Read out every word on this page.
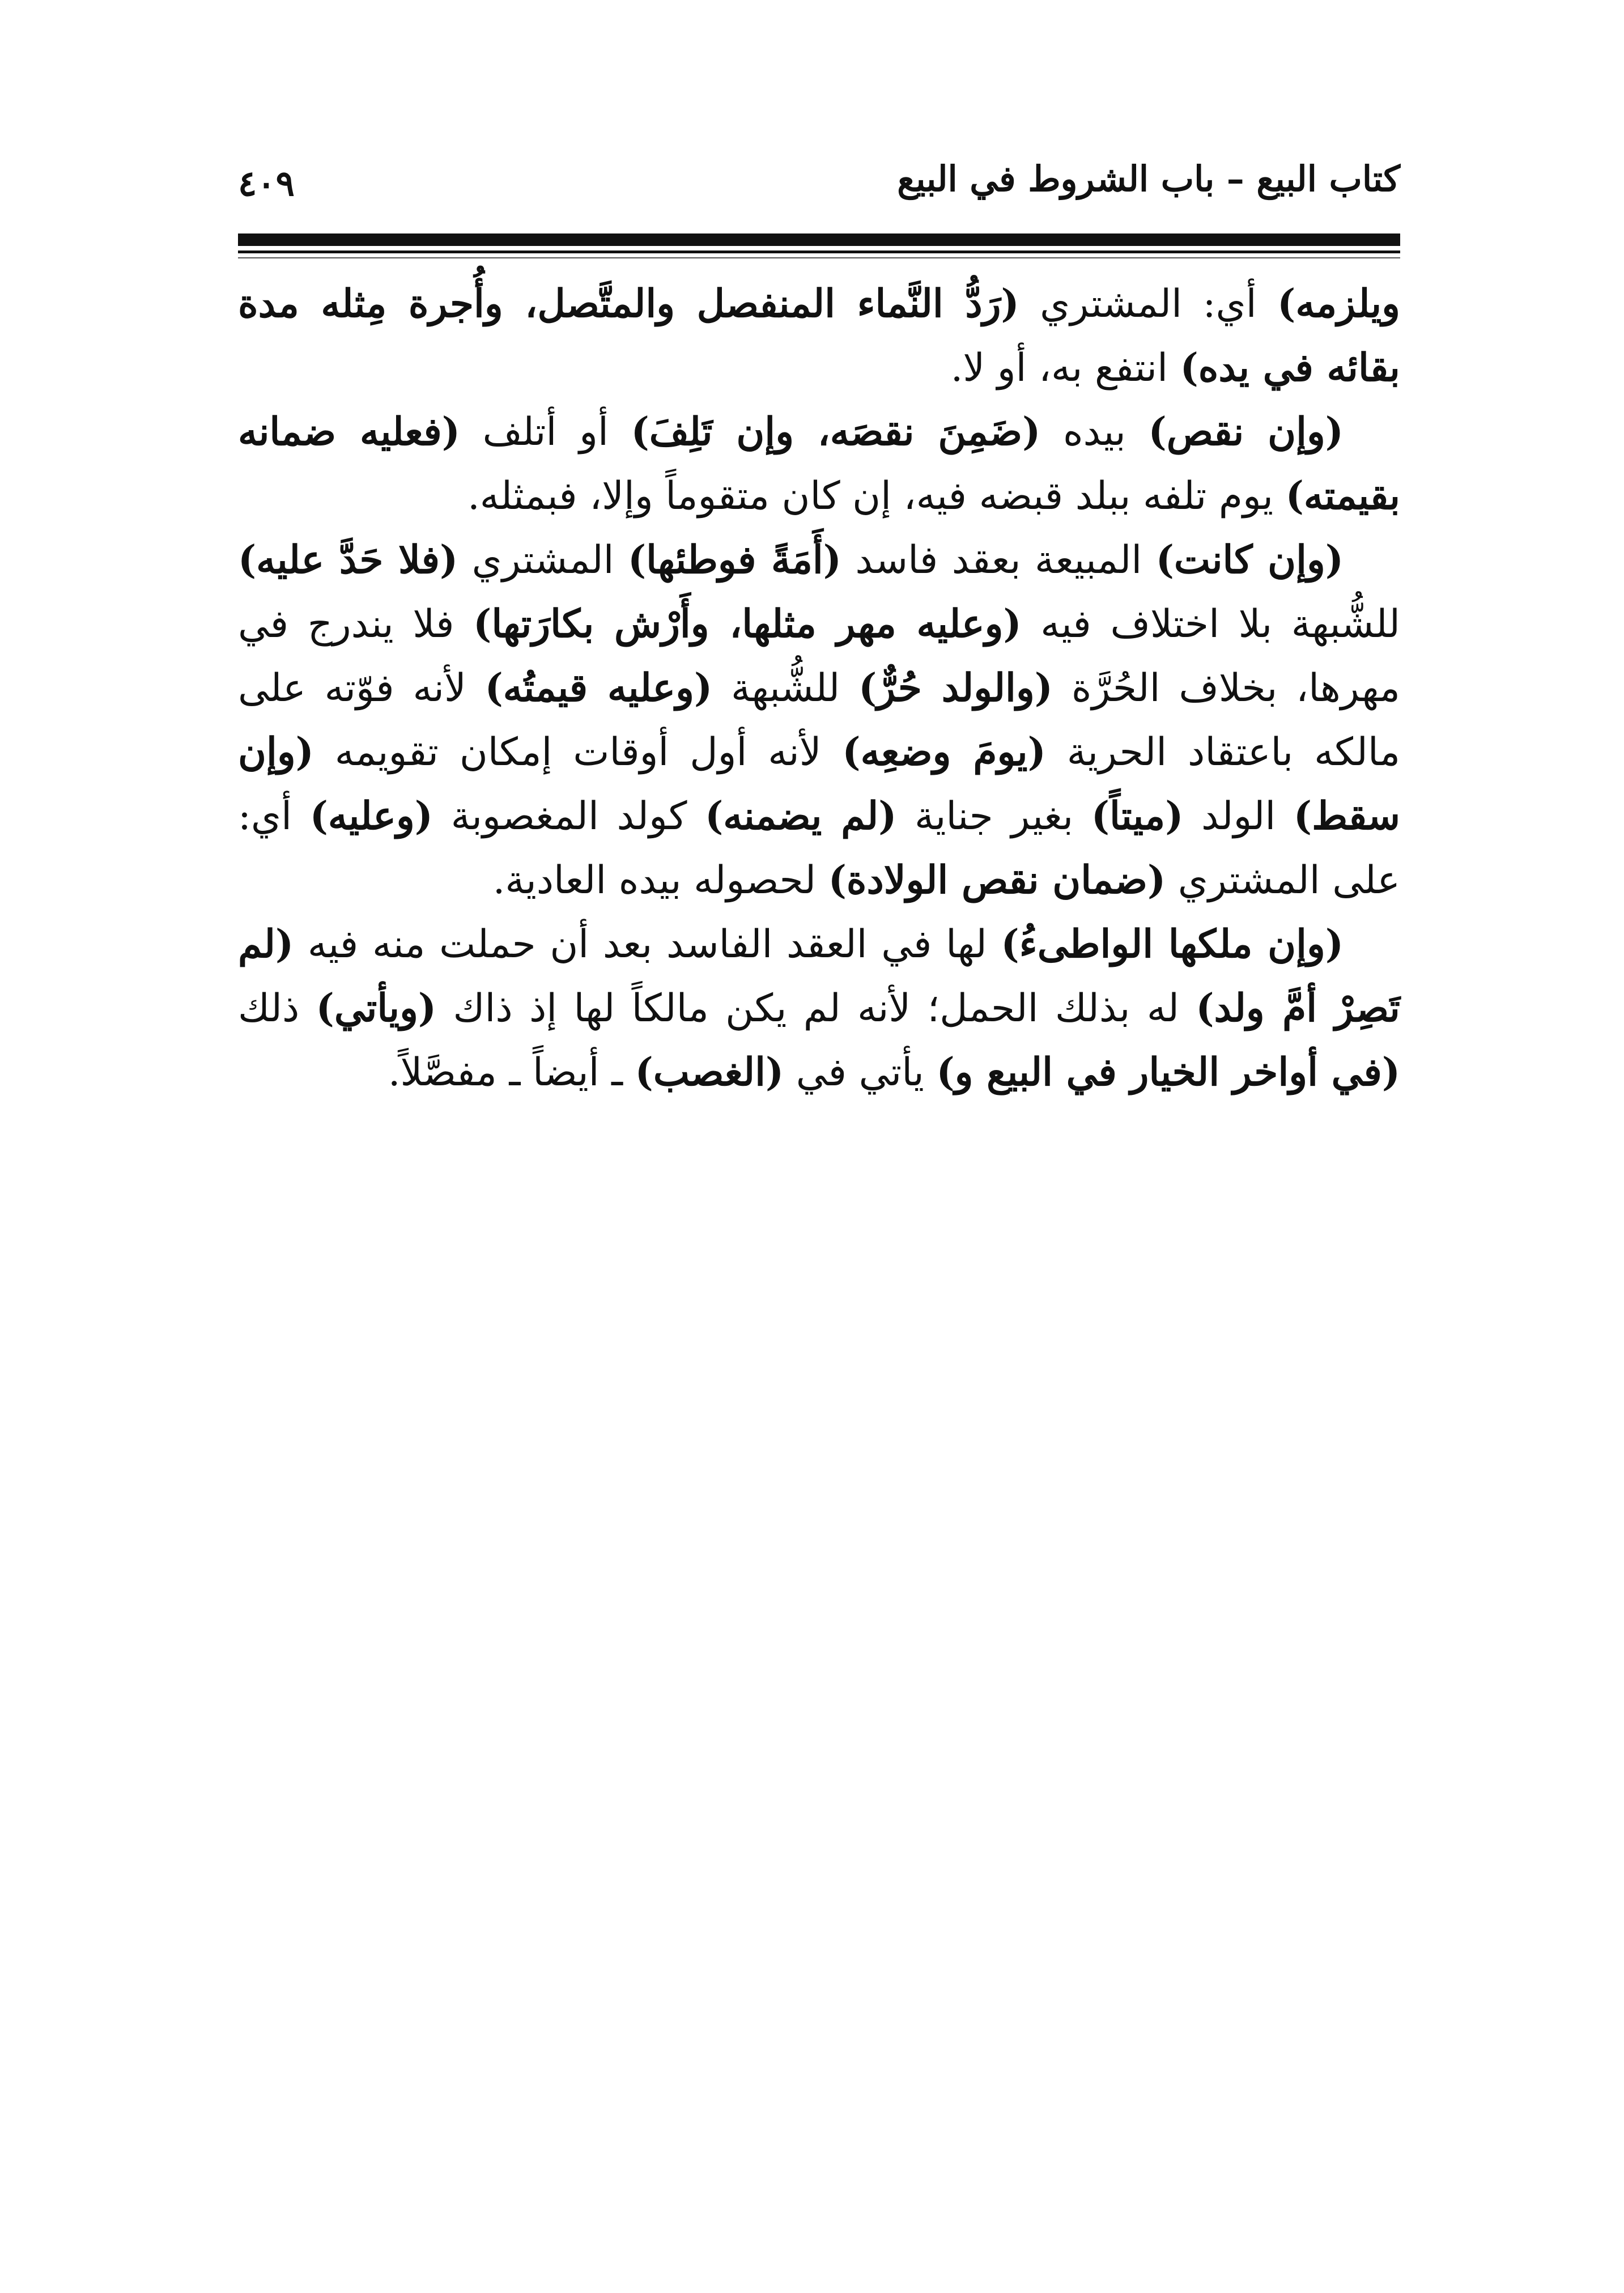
٤٠٩	كتاب البيع – باب الشروط في البيع

ويلزمه) أي: المشتري (رَدُّ النَّماء المنفصل والمتَّصل، وأُجرة مِثله مدة بقائه في يده) انتفع به، أو لا.

(وإن نقص) بيده (ضَمِنَ نقصَه، وإن تَلِفَ) أو أتلف (فعليه ضمانه بقيمته) يوم تلفه ببلد قبضه فيه، إن كان متقوماً وإلا، فبمثله.

(وإن كانت) المبيعة بعقد فاسد (أَمَةً فوطئها) المشتري (فلا حَدَّ عليه) للشُّبهة بلا اختلاف فيه (وعليه مهر مثلها، وأَرْش بكارَتها) فلا يندرج في مهرها، بخلاف الحُرَّة (والولد حُرٌّ) للشُّبهة (وعليه قيمتُه) لأنه فوّته على مالكه باعتقاد الحرية (يومَ وضعِه) لأنه أول أوقات إمكان تقويمه (وإن سقط) الولد (ميتاً) بغير جناية (لم يضمنه) كولد المغصوبة (وعليه) أي: على المشتري (ضمان نقص الولادة) لحصوله بيده العادية.

(وإن ملكها الواطىءُ) لها في العقد الفاسد بعد أن حملت منه فيه (لم تَصِرْ أمَّ ولد) له بذلك الحمل؛ لأنه لم يكن مالكاً لها إذ ذاك (ويأتي) ذلك (في أواخر الخيار في البيع و) يأتي في (الغصب) ـ أيضاً ـ مفصَّلاً.
